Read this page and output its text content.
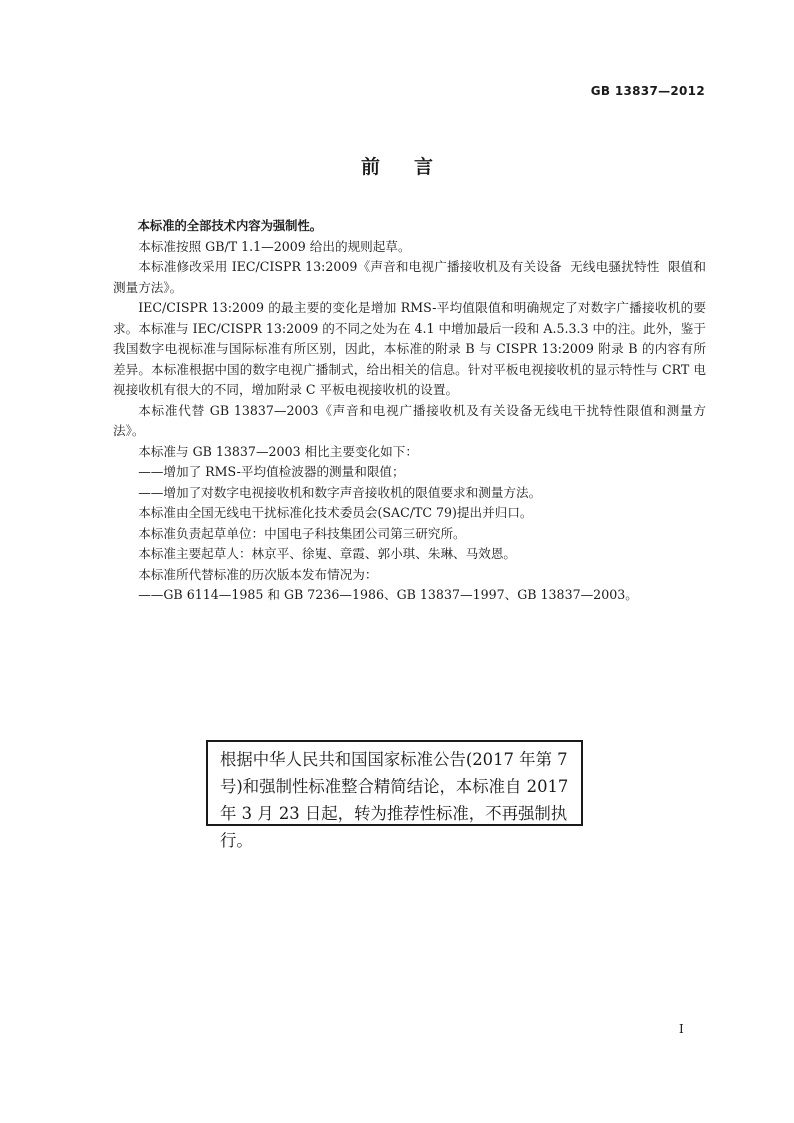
GB 13837—2012
前言

本标准的全部技术内容为强制性。

本标准按照 GB/T 1.1—2009 给出的规则起草。

本标准修改采用 IEC/CISPR 13:2009《声音和电视广播接收机及有关设备  无线电骚扰特性  限值和测量方法》。

IEC/CISPR 13:2009 的最主要的变化是增加 RMS-平均值限值和明确规定了对数字广播接收机的要求。本标准与 IEC/CISPR 13:2009 的不同之处为在 4.1 中增加最后一段和 A.5.3.3 中的注。此外，鉴于我国数字电视标准与国际标准有所区别，因此，本标准的附录 B 与 CISPR 13:2009 附录 B 的内容有所差异。本标准根据中国的数字电视广播制式，给出相关的信息。针对平板电视接收机的显示特性与 CRT 电视接收机有很大的不同，增加附录 C 平板电视接收机的设置。

本标准代替 GB 13837—2003《声音和电视广播接收机及有关设备无线电干扰特性限值和测量方法》。

本标准与 GB 13837—2003 相比主要变化如下：

——增加了 RMS-平均值检波器的测量和限值；

——增加了对数字电视接收机和数字声音接收机的限值要求和测量方法。

本标准由全国无线电干扰标准化技术委员会(SAC/TC 79)提出并归口。

本标准负责起草单位：中国电子科技集团公司第三研究所。

本标准主要起草人：林京平、徐嵬、章霞、郭小琪、朱琳、马效恩。

本标准所代替标准的历次版本发布情况为：

——GB 6114—1985 和 GB 7236—1986、GB 13837—1997、GB 13837—2003。

根据中华人民共和国国家标准公告(2017 年第 7 号)和强制性标准整合精简结论，本标准自 2017 年 3 月 23 日起，转为推荐性标准，不再强制执行。
I
